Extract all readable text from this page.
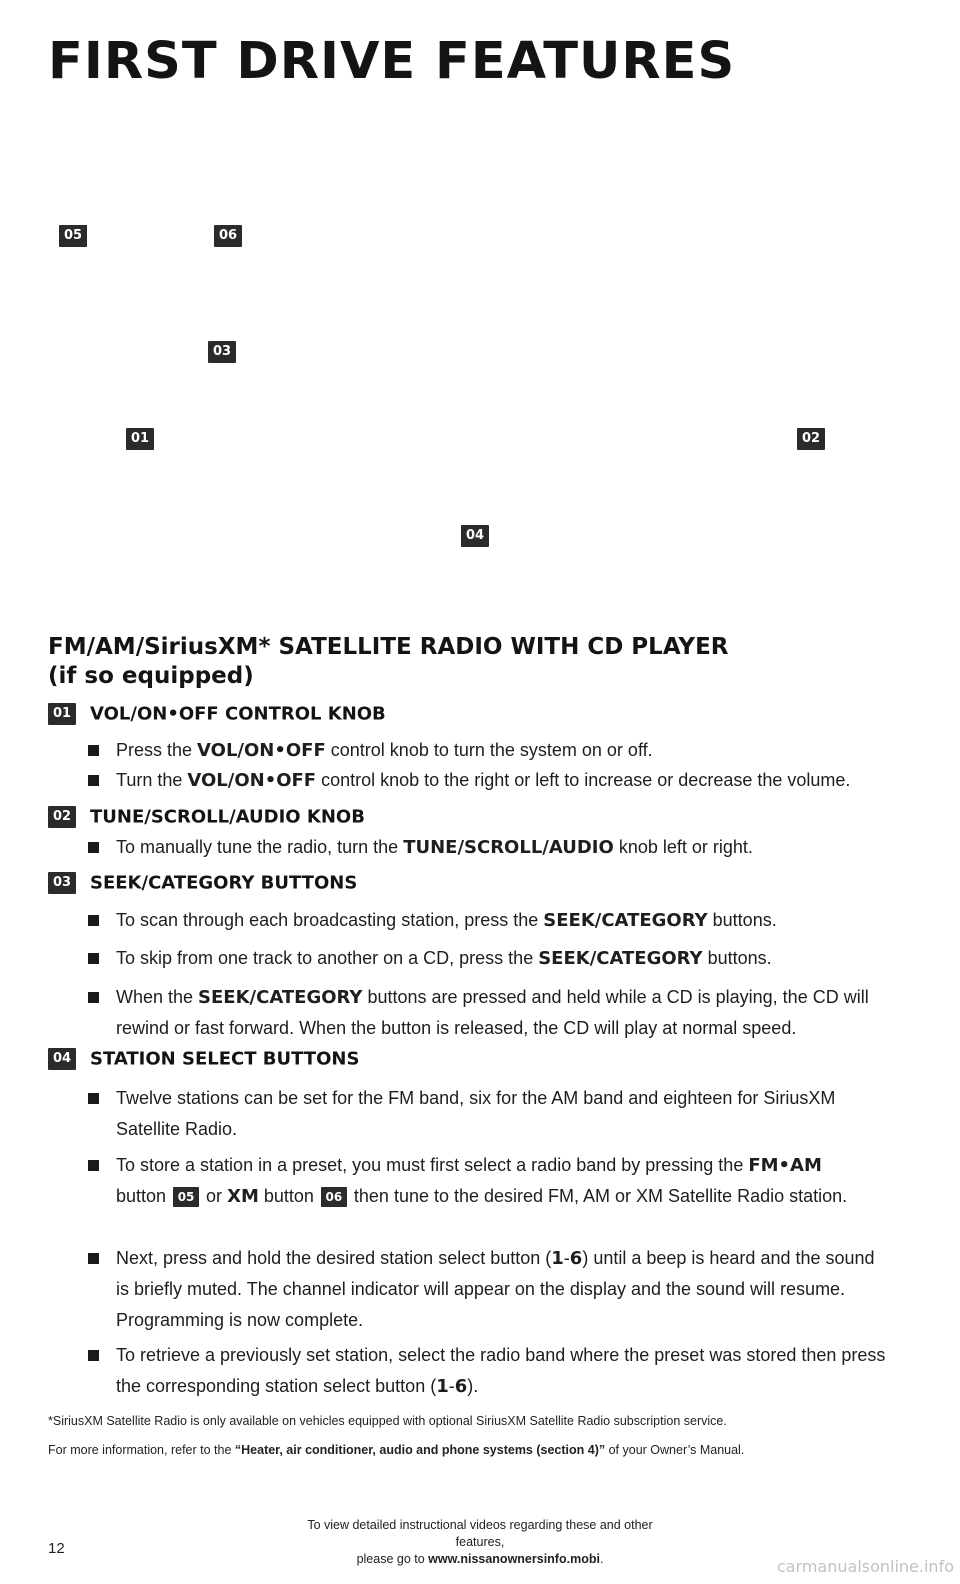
FIRST DRIVE FEATURES
05	06
03
01	02
04
FM/AM/SiriusXM* SATELLITE RADIO WITH CD PLAYER
(if so equipped)
01 VOL/ON•OFF CONTROL KNOB
Press the VOL/ON•OFF control knob to turn the system on or off.
Turn the VOL/ON•OFF control knob to the right or left to increase or decrease the volume.
02 TUNE/SCROLL/AUDIO KNOB
To manually tune the radio, turn the TUNE/SCROLL/AUDIO knob left or right.
03 SEEK/CATEGORY BUTTONS
To scan through each broadcasting station, press the SEEK/CATEGORY buttons.
To skip from one track to another on a CD, press the SEEK/CATEGORY buttons.
When the SEEK/CATEGORY buttons are pressed and held while a CD is playing, the CD will rewind or fast forward. When the button is released, the CD will play at normal speed.
04 STATION SELECT BUTTONS
Twelve stations can be set for the FM band, six for the AM band and eighteen for SiriusXM Satellite Radio.
To store a station in a preset, you must first select a radio band by pressing the FM•AM button 05 or XM button 06 then tune to the desired FM, AM or XM Satellite Radio station.
Next, press and hold the desired station select button (1-6) until a beep is heard and the sound is briefly muted. The channel indicator will appear on the display and the sound will resume. Programming is now complete.
To retrieve a previously set station, select the radio band where the preset was stored then press the corresponding station select button (1-6).
*SiriusXM Satellite Radio is only available on vehicles equipped with optional SiriusXM Satellite Radio subscription service.
For more information, refer to the “Heater, air conditioner, audio and phone systems (section 4)” of your Owner’s Manual.
12
To view detailed instructional videos regarding these and other features,
please go to www.nissanownersinfo.mobi.	carmanualsonline.info
